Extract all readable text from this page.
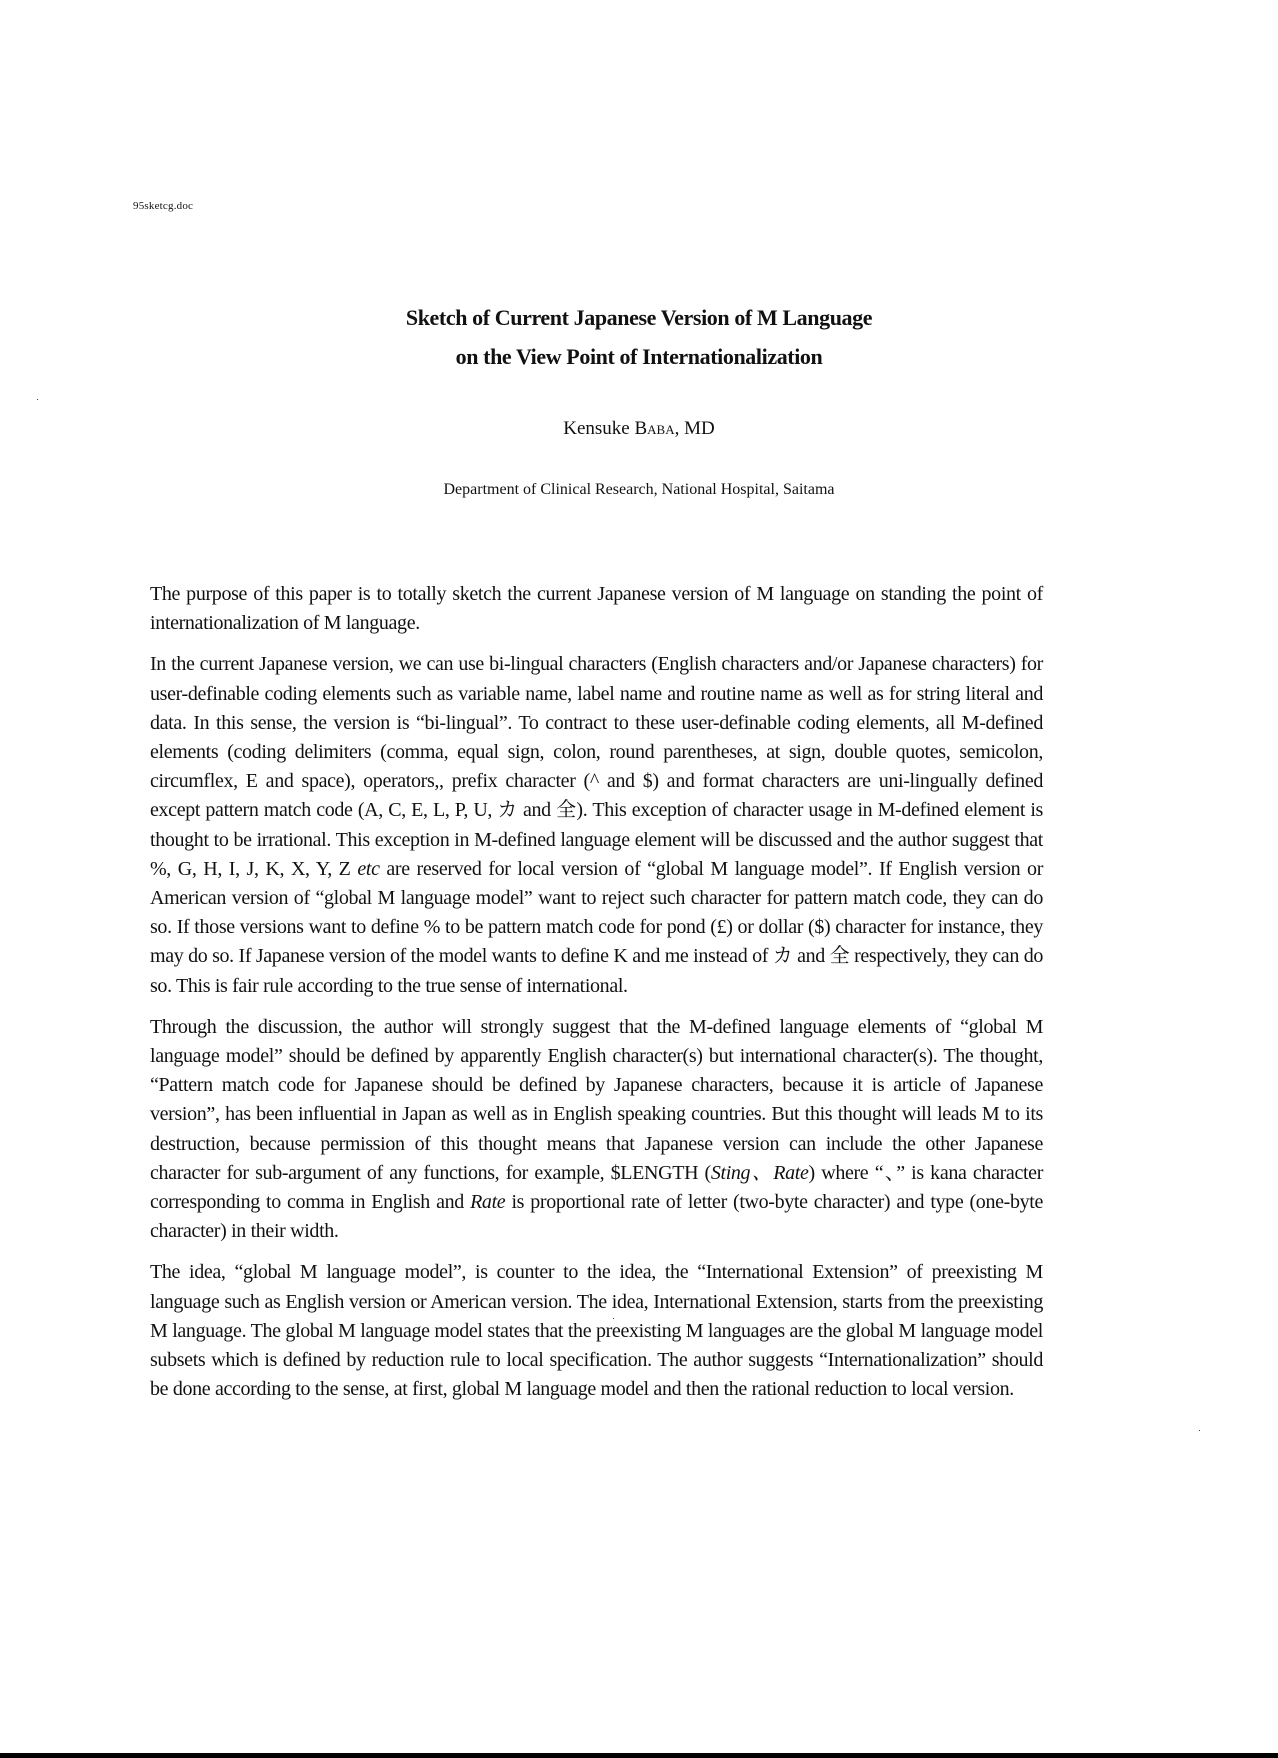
95sketcg.doc
Sketch of Current Japanese Version of M Language
on the View Point of Internationalization
Kensuke Baba, MD
Department of Clinical Research, National Hospital, Saitama

The purpose of this paper is to totally sketch the current Japanese version of M language on standing the point of internationalization of M language.

In the current Japanese version, we can use bi-lingual characters (English characters and/or Japanese characters) for user-definable coding elements such as variable name, label name and routine name as well as for string literal and data. In this sense, the version is “bi-lingual”. To contract to these user-definable coding elements, all M-defined elements (coding delimiters (comma, equal sign, colon, round parentheses, at sign, double quotes, semicolon, circumflex, E and space), operators,, prefix character (^ and $) and format characters are uni-lingually defined except pattern match code (A, C, E, L, P, U, カ and 全). This exception of character usage in M-defined element is thought to be irrational. This exception in M-defined language element will be discussed and the author suggest that %, G, H, I, J, K, X, Y, Z etc are reserved for local version of “global M language model”. If English version or American version of “global M language model” want to reject such character for pattern match code, they can do so. If those versions want to define % to be pattern match code for pond (£) or dollar ($) character for instance, they may do so. If Japanese version of the model wants to define K and me instead of カ and 全 respectively, they can do so. This is fair rule according to the true sense of international.

Through the discussion, the author will strongly suggest that the M-defined language elements of “global M language model” should be defined by apparently English character(s) but international character(s). The thought, “Pattern match code for Japanese should be defined by Japanese characters, because it is article of Japanese version”, has been influential in Japan as well as in English speaking countries. But this thought will leads M to its destruction, because permission of this thought means that Japanese version can include the other Japanese character for sub-argument of any functions, for example, $LENGTH (Sting、Rate) where “、” is kana character corresponding to comma in English and Rate is proportional rate of letter (two-byte character) and type (one-byte character) in their width.

The idea, “global M language model”, is counter to the idea, the “International Extension” of preexisting M language such as English version or American version. The idea, International Extension, starts from the preexisting M language. The global M language model states that the preexisting M languages are the global M language model subsets which is defined by reduction rule to local specification. The author suggests “Internationalization” should be done according to the sense, at first, global M language model and then the rational reduction to local version.
